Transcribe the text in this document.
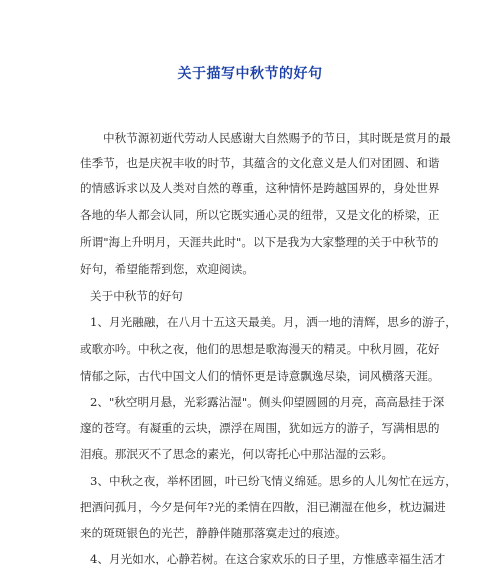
关于描写中秋节的好句
中秋节源初逝代劳动人民感谢大自然赐予的节日，其时既是赏月的最
佳季节，也是庆祝丰收的时节，其蕴含的文化意义是人们对团圆、和谐
的情感诉求以及人类对自然的尊重，这种情怀是跨越国界的，身处世界
各地的华人都会认同，所以它既实通心灵的纽带，又是文化的桥梁，正
所谓"海上升明月，天涯共此时"。以下是我为大家整理的关于中秋节的
好句，希望能帮到您，欢迎阅读。
关于中秋节的好句
1、月光融融，在八月十五这天最美。月，洒一地的清辉，思乡的游子，
或歌亦吟。中秋之夜，他们的思想是歌海漫天的精灵。中秋月圆，花好
情郁之际，古代中国文人们的情怀更是诗意飘逸尽染，词风横落天涯。
2、"秋空明月悬，光彩露沾湿"。侧头仰望圆圆的月亮，高高悬挂于深
邃的苍穹。有凝重的云块，漂浮在周围，犹如远方的游子，写满相思的
泪痕。那泯灭不了思念的素光，何以寄托心中那沾湿的云彩。
3、中秋之夜，举杯团圆，叶已纷飞情义绵延。思乡的人儿匆忙在远方，
把酒问孤月，今夕是何年?光的柔情在四散，泪已潮湿在他乡，枕边漏进
来的斑斑银色的光芒，静静伴随那落寞走过的痕迹。
4、月光如水，心静若树。在这合家欢乐的日子里，方惟感幸福生活才
